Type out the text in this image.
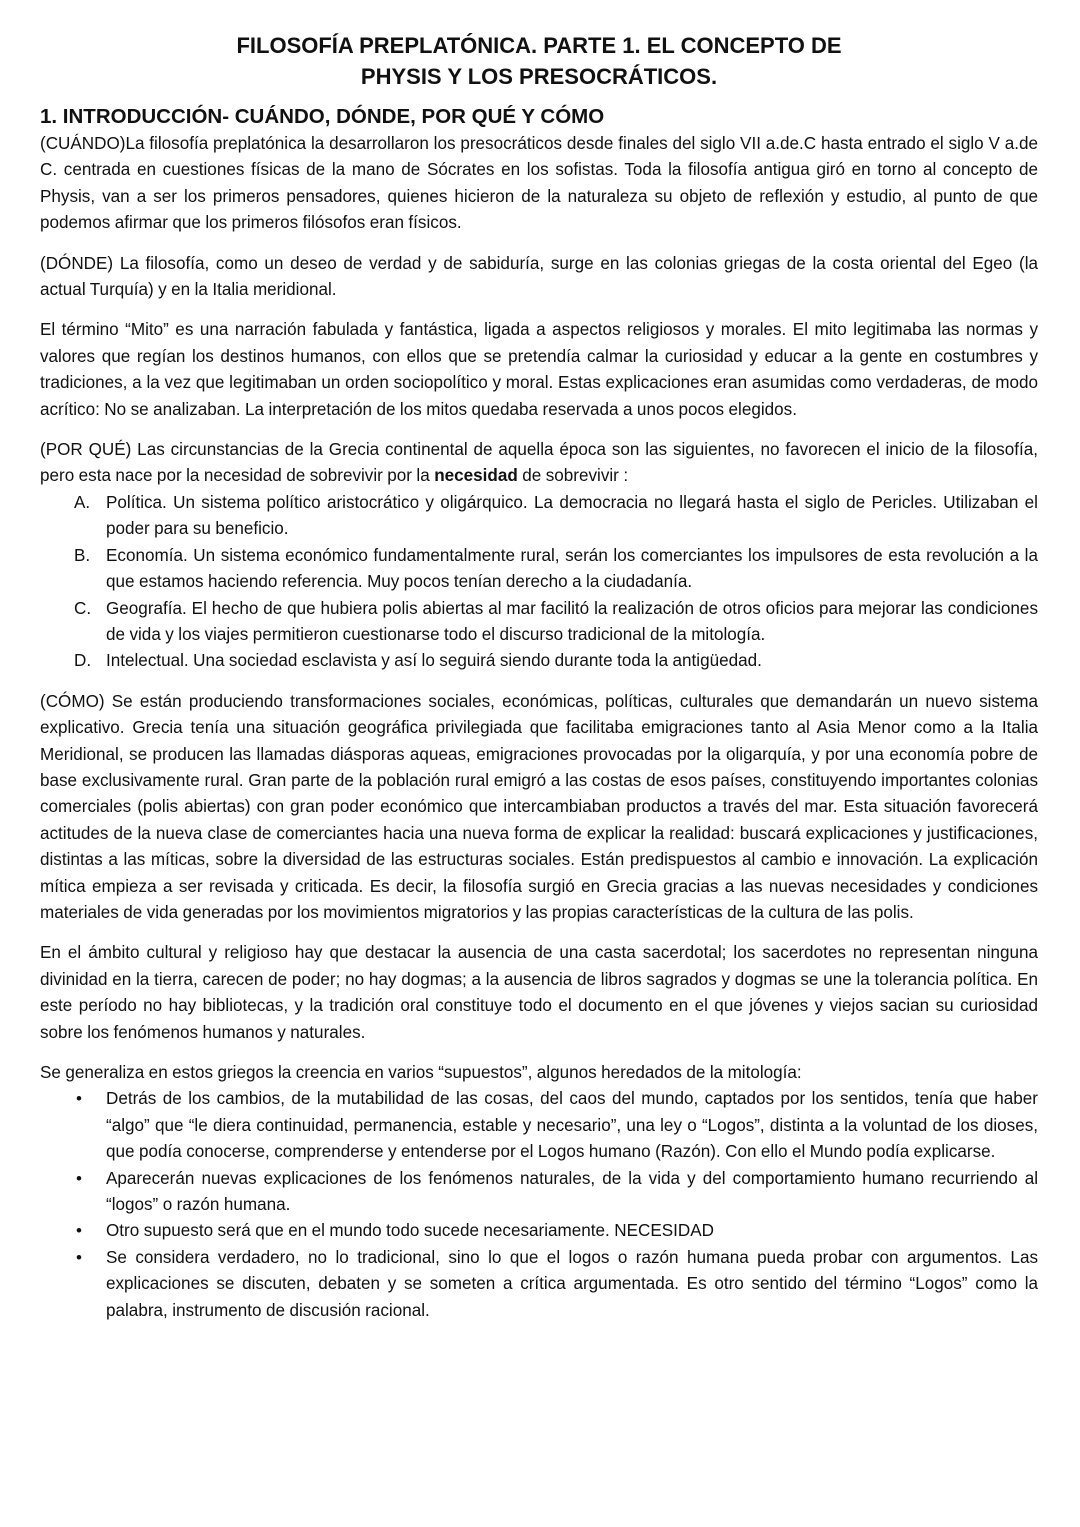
FILOSOFÍA PREPLATÓNICA. PARTE 1. EL CONCEPTO DE
PHYSIS Y LOS PRESOCRÁTICOS.
1. INTRODUCCIÓN- CUÁNDO, DÓNDE, POR QUÉ Y CÓMO

(CUÁNDO)La filosofía preplatónica la desarrollaron los presocráticos desde finales del siglo VII a.de.C hasta entrado el siglo V a.de C. centrada en cuestiones físicas de la mano de Sócrates en los sofistas. Toda la filosofía antigua giró en torno al concepto de Physis, van a ser los primeros pensadores, quienes hicieron de la naturaleza su objeto de reflexión y estudio, al punto de que podemos afirmar que los primeros filósofos eran físicos.

(DÓNDE) La filosofía, como un deseo de verdad y de sabiduría, surge en las colonias griegas de la costa oriental del Egeo (la actual Turquía) y en la Italia meridional.

El término “Mito” es una narración fabulada y fantástica, ligada a aspectos religiosos y morales. El mito legitimaba las normas y valores que regían los destinos humanos, con ellos que se pretendía calmar la curiosidad y educar a la gente en costumbres y tradiciones, a la vez que legitimaban un orden sociopolítico y moral. Estas explicaciones eran asumidas como verdaderas, de modo acrítico: No se analizaban. La interpretación de los mitos quedaba reservada a unos pocos elegidos.

(POR QUÉ) Las circunstancias de la Grecia continental de aquella época son las siguientes, no favorecen el inicio de la filosofía, pero esta nace por la necesidad de sobrevivir por la necesidad de sobrevivir :

A. Política. Un sistema político aristocrático y oligárquico. La democracia no llegará hasta el siglo de Pericles. Utilizaban el poder para su beneficio.
B. Economía. Un sistema económico fundamentalmente rural, serán los comerciantes los impulsores de esta revolución a la que estamos haciendo referencia. Muy pocos tenían derecho a la ciudadanía.
C. Geografía. El hecho de que hubiera polis abiertas al mar facilitó la realización de otros oficios para mejorar las condiciones de vida y los viajes permitieron cuestionarse todo el discurso tradicional de la mitología.
D. Intelectual. Una sociedad esclavista y así lo seguirá siendo durante toda la antigüedad.

(CÓMO) Se están produciendo transformaciones sociales, económicas, políticas, culturales que demandarán un nuevo sistema explicativo. Grecia tenía una situación geográfica privilegiada que facilitaba emigraciones tanto al Asia Menor como a la Italia Meridional, se producen las llamadas diásporas aqueas, emigraciones provocadas por la oligarquía, y por una economía pobre de base exclusivamente rural. Gran parte de la población rural emigró a las costas de esos países, constituyendo importantes colonias comerciales (polis abiertas) con gran poder económico que intercambiaban productos a través del mar. Esta situación favorecerá actitudes de la nueva clase de comerciantes hacia una nueva forma de explicar la realidad: buscará explicaciones y justificaciones, distintas a las míticas, sobre la diversidad de las estructuras sociales. Están predispuestos al cambio e innovación. La explicación mítica empieza a ser revisada y criticada. Es decir, la filosofía surgió en Grecia gracias a las nuevas necesidades y condiciones materiales de vida generadas por los movimientos migratorios y las propias características de la cultura de las polis.

En el ámbito cultural y religioso hay que destacar la ausencia de una casta sacerdotal; los sacerdotes no representan ninguna divinidad en la tierra, carecen de poder; no hay dogmas; a la ausencia de libros sagrados y dogmas se une la tolerancia política. En este período no hay bibliotecas, y la tradición oral constituye todo el documento en el que jóvenes y viejos sacian su curiosidad sobre los fenómenos humanos y naturales.

Se generaliza en estos griegos la creencia en varios “supuestos”, algunos heredados de la mitología:

• Detrás de los cambios, de la mutabilidad de las cosas, del caos del mundo, captados por los sentidos, tenía que haber “algo” que “le diera continuidad, permanencia, estable y necesario”, una ley o “Logos”, distinta a la voluntad de los dioses, que podía conocerse, comprenderse y entenderse por el Logos humano (Razón). Con ello el Mundo podía explicarse.
• Aparecerán nuevas explicaciones de los fenómenos naturales, de la vida y del comportamiento humano recurriendo al “logos” o razón humana.
• Otro supuesto será que en el mundo todo sucede necesariamente. NECESIDAD
• Se considera verdadero, no lo tradicional, sino lo que el logos o razón humana pueda probar con argumentos. Las explicaciones se discuten, debaten y se someten a crítica argumentada. Es otro sentido del término “Logos” como la palabra, instrumento de discusión racional.
